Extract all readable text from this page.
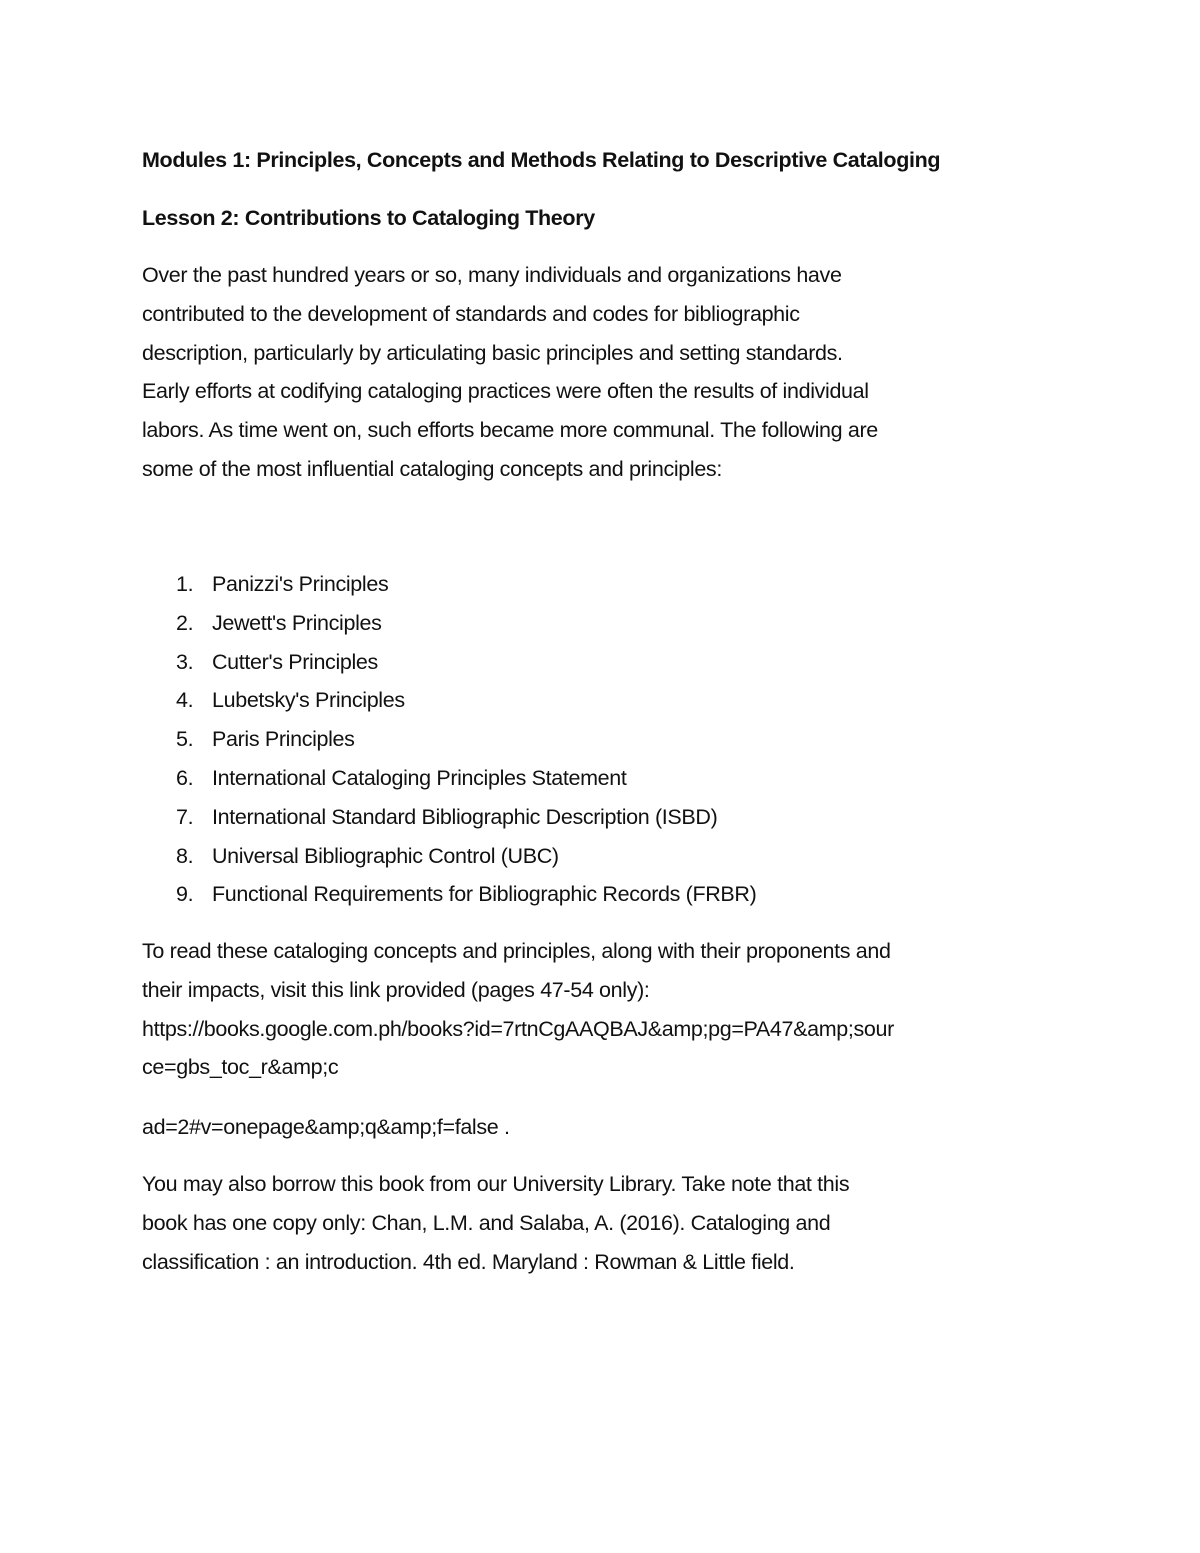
Modules 1: Principles, Concepts and Methods Relating to Descriptive Cataloging
Lesson 2: Contributions to Cataloging Theory
Over the past hundred years or so, many individuals and organizations have
contributed to the development of standards and codes for bibliographic
description, particularly by articulating basic principles and setting standards.
Early efforts at codifying cataloging practices were often the results of individual
labors. As time went on, such efforts became more communal. The following are
some of the most influential cataloging concepts and principles:
1. Panizzi's Principles
2. Jewett's Principles
3. Cutter's Principles
4. Lubetsky's Principles
5. Paris Principles
6. International Cataloging Principles Statement
7. International Standard Bibliographic Description (ISBD)
8. Universal Bibliographic Control (UBC)
9. Functional Requirements for Bibliographic Records (FRBR)
To read these cataloging concepts and principles, along with their proponents and
their impacts, visit this link provided (pages 47-54 only):
https://books.google.com.ph/books?id=7rtnCgAAQBAJ&amp;pg=PA47&amp;sour
ce=gbs_toc_r&amp;c
ad=2#v=onepage&amp;q&amp;f=false .
You may also borrow this book from our University Library. Take note that this
book has one copy only: Chan, L.M. and Salaba, A. (2016). Cataloging and
classification : an introduction. 4th ed. Maryland : Rowman & Little field.
